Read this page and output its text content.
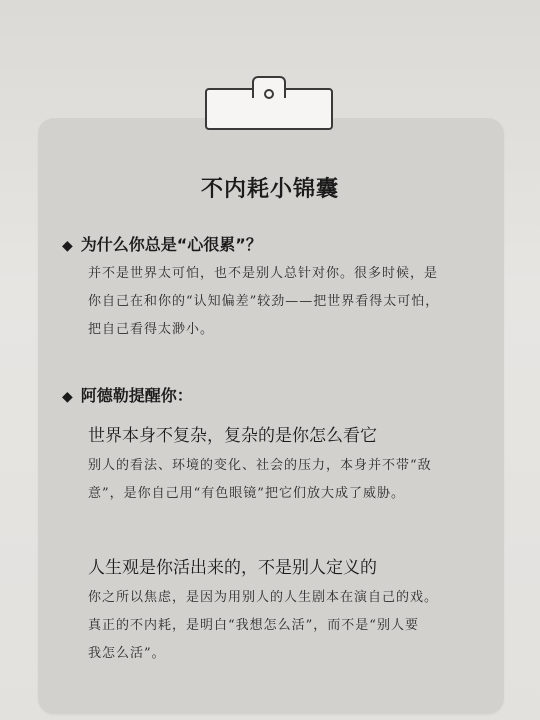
不内耗小锦囊
◆ 为什么你总是“心很累”？

并不是世界太可怕，也不是别人总针对你。很多时候，是

你自己在和你的“认知偏差”较劲——把世界看得太可怕，

把自己看得太渺小。

◆ 阿德勒提醒你：
世界本身不复杂，复杂的是你怎么看它

别人的看法、环境的变化、社会的压力，本身并不带“敌

意”，是你自己用“有色眼镜”把它们放大成了威胁。

人生观是你活出来的，不是别人定义的

你之所以焦虑，是因为用别人的人生剧本在演自己的戏。

真正的不内耗，是明白“我想怎么活”，而不是“别人要

我怎么活”。
